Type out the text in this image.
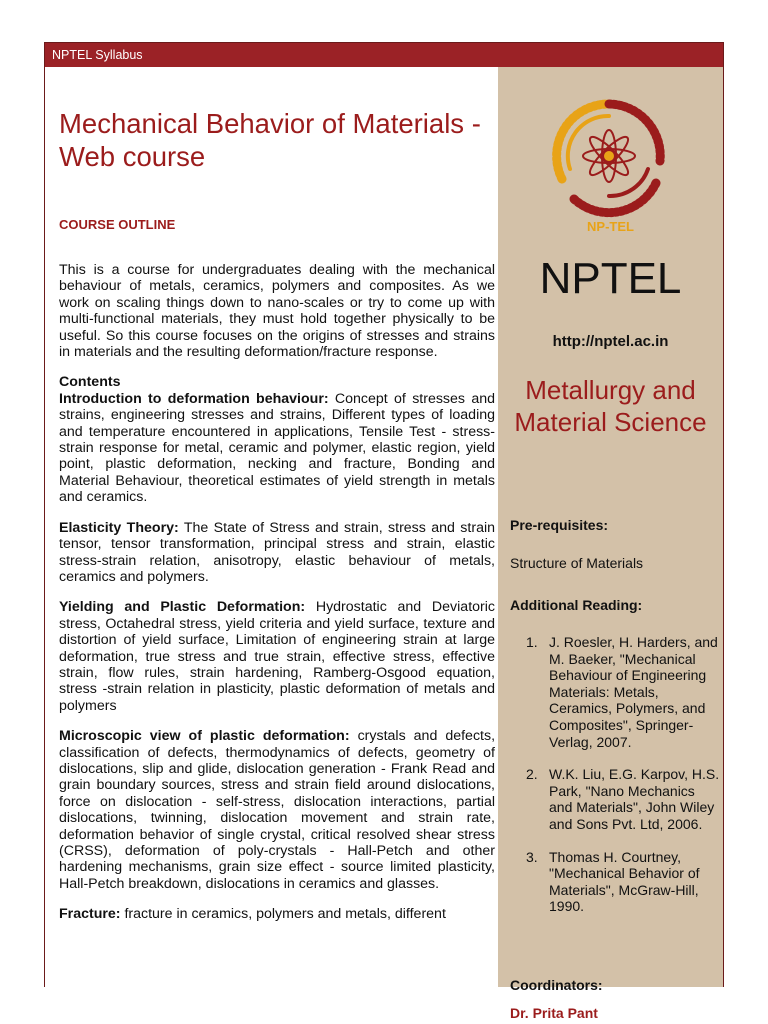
NPTEL Syllabus
Mechanical Behavior of Materials - Web course
COURSE OUTLINE
This is a course for undergraduates dealing with the mechanical behaviour of metals, ceramics, polymers and composites. As we work on scaling things down to nano-scales or try to come up with multi-functional materials, they must hold together physically to be useful. So this course focuses on the origins of stresses and strains in materials and the resulting deformation/fracture response.
Contents

Introduction to deformation behaviour: Concept of stresses and strains, engineering stresses and strains, Different types of loading and temperature encountered in applications, Tensile Test - stress-strain response for metal, ceramic and polymer, elastic region, yield point, plastic deformation, necking and fracture, Bonding and Material Behaviour, theoretical estimates of yield strength in metals and ceramics.

Elasticity Theory: The State of Stress and strain, stress and strain tensor, tensor transformation, principal stress and strain, elastic stress-strain relation, anisotropy, elastic behaviour of metals, ceramics and polymers.

Yielding and Plastic Deformation: Hydrostatic and Deviatoric stress, Octahedral stress, yield criteria and yield surface, texture and distortion of yield surface, Limitation of engineering strain at large deformation, true stress and true strain, effective stress, effective strain, flow rules, strain hardening, Ramberg-Osgood equation, stress -strain relation in plasticity, plastic deformation of metals and polymers

Microscopic view of plastic deformation: crystals and defects, classification of defects, thermodynamics of defects, geometry of dislocations, slip and glide, dislocation generation - Frank Read and grain boundary sources, stress and strain field around dislocations, force on dislocation - self-stress, dislocation interactions, partial dislocations, twinning, dislocation movement and strain rate, deformation behavior of single crystal, critical resolved shear stress (CRSS), deformation of poly-crystals - Hall-Petch and other hardening mechanisms, grain size effect - source limited plasticity, Hall-Petch breakdown, dislocations in ceramics and glasses.

Fracture: fracture in ceramics, polymers and metals, different

NP-TEL
NPTEL
http://nptel.ac.in
Metallurgy and Material Science
Pre-requisites:
Structure of Materials
Additional Reading:
1. J. Roesler, H. Harders, and M. Baeker, "Mechanical Behaviour of Engineering Materials: Metals, Ceramics, Polymers, and Composites", Springer-Verlag, 2007.
2. W.K. Liu, E.G. Karpov, H.S. Park, "Nano Mechanics and Materials", John Wiley and Sons Pvt. Ltd, 2006.
3. Thomas H. Courtney, "Mechanical Behavior of Materials", McGraw-Hill, 1990.
Coordinators:
Dr. Prita Pant
